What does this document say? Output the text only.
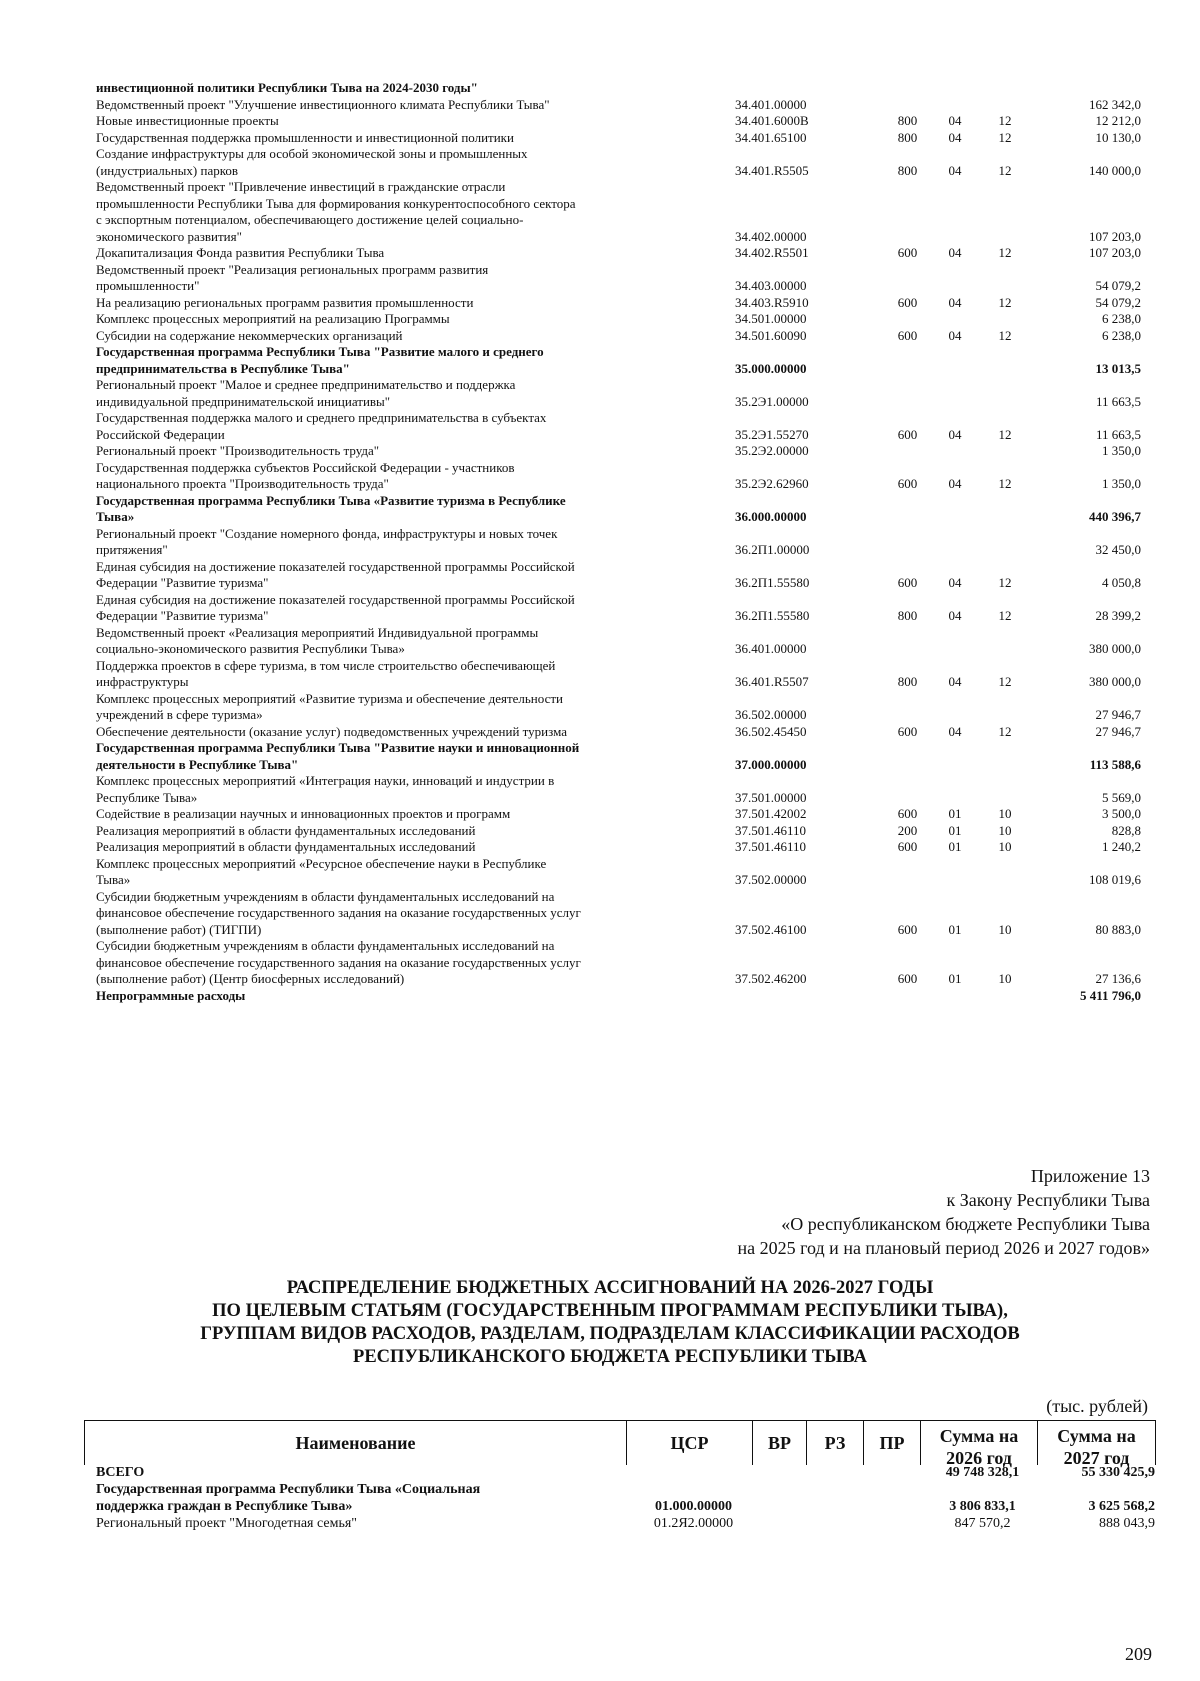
инвестиционной политики Республики Тыва на 2024-2030 годы"
Ведомственный проект "Улучшение инвестиционного климата Республики Тыва"	34.401.00000	162 342,0
Новые инвестиционные проекты	34.401.6000В	800	04	12	12 212,0
Государственная поддержка промышленности и инвестиционной политики	34.401.65100	800	04	12	10 130,0
Создание инфраструктуры для особой экономической зоны и промышленных
(индустриальных) парков	34.401.R5505	800	04	12	140 000,0
Ведомственный проект "Привлечение инвестиций в гражданские отрасли
промышленности Республики Тыва для формирования конкурентоспособного сектора
с экспортным потенциалом, обеспечивающего достижение целей социально-
экономического развития"	34.402.00000	107 203,0
Докапитализация Фонда развития Республики Тыва	34.402.R5501	600	04	12	107 203,0
Ведомственный проект "Реализация региональных программ развития
промышленности"	34.403.00000	54 079,2
На реализацию региональных программ развития промышленности	34.403.R5910	600	04	12	54 079,2
Комплекс процессных мероприятий на реализацию Программы	34.501.00000	6 238,0
Субсидии на содержание некоммерческих организаций	34.501.60090	600	04	12	6 238,0
Государственная программа Республики Тыва "Развитие малого и среднего
предпринимательства в Республике Тыва"	35.000.00000	13 013,5
Региональный проект "Малое и среднее предпринимательство и поддержка
индивидуальной предпринимательской инициативы"	35.2Э1.00000	11 663,5
Государственная поддержка малого и среднего предпринимательства в субъектах
Российской Федерации	35.2Э1.55270	600	04	12	11 663,5
Региональный проект "Производительность труда"	35.2Э2.00000	1 350,0
Государственная поддержка субъектов Российской Федерации - участников
национального проекта "Производительность труда"	35.2Э2.62960	600	04	12	1 350,0
Государственная программа Республики Тыва «Развитие туризма в Республике
Тыва»	36.000.00000	440 396,7
Региональный проект "Создание номерного фонда, инфраструктуры и новых точек
притяжения"	36.2П1.00000	32 450,0
Единая субсидия на достижение показателей государственной программы Российской
Федерации "Развитие туризма"	36.2П1.55580	600	04	12	4 050,8
Единая субсидия на достижение показателей государственной программы Российской
Федерации "Развитие туризма"	36.2П1.55580	800	04	12	28 399,2
Ведомственный проект «Реализация мероприятий Индивидуальной программы
социально-экономического развития Республики Тыва»	36.401.00000	380 000,0
Поддержка проектов в сфере туризма, в том числе строительство обеспечивающей
инфраструктуры	36.401.R5507	800	04	12	380 000,0
Комплекс процессных мероприятий «Развитие туризма и обеспечение деятельности
учреждений в сфере туризма»	36.502.00000	27 946,7
Обеспечение деятельности (оказание услуг) подведомственных учреждений туризма	36.502.45450	600	04	12	27 946,7
Государственная программа Республики Тыва "Развитие науки и инновационной
деятельности в Республике Тыва"	37.000.00000	113 588,6
Комплекс процессных мероприятий «Интеграция науки, инноваций и индустрии в
Республике Тыва»	37.501.00000	5 569,0
Содействие в реализации научных и инновационных проектов и программ	37.501.42002	600	01	10	3 500,0
Реализация мероприятий в области фундаментальных исследований	37.501.46110	200	01	10	828,8
Реализация мероприятий в области фундаментальных исследований	37.501.46110	600	01	10	1 240,2
Комплекс процессных мероприятий «Ресурсное обеспечение науки в Республике
Тыва»	37.502.00000	108 019,6
Субсидии бюджетным учреждениям в области фундаментальных исследований на
финансовое обеспечение государственного задания на оказание государственных услуг
(выполнение работ) (ТИГПИ)	37.502.46100	600	01	10	80 883,0
Субсидии бюджетным учреждениям в области фундаментальных исследований на
финансовое обеспечение государственного задания на оказание государственных услуг
(выполнение работ) (Центр биосферных исследований)	37.502.46200	600	01	10	27 136,6
Непрограммные расходы	5 411 796,0
Приложение 13
к Закону Республики Тыва
«О республиканском бюджете Республики Тыва
на 2025 год и на плановый период 2026 и 2027 годов»
РАСПРЕДЕЛЕНИЕ БЮДЖЕТНЫХ АССИГНОВАНИЙ НА 2026-2027 ГОДЫ
ПО ЦЕЛЕВЫМ СТАТЬЯМ (ГОСУДАРСТВЕННЫМ ПРОГРАММАМ РЕСПУБЛИКИ ТЫВА),
ГРУППАМ ВИДОВ РАСХОДОВ, РАЗДЕЛАМ, ПОДРАЗДЕЛАМ КЛАССИФИКАЦИИ РАСХОДОВ
РЕСПУБЛИКАНСКОГО БЮДЖЕТА РЕСПУБЛИКИ ТЫВА
(тыс. рублей)
Наименование	ЦСР	ВР	РЗ	ПР	Сумма на
2026 год
Сумма на
2027 год
ВСЕГО	49 748 328,1	55 330 425,9
Государственная программа Республики Тыва «Социальная
поддержка граждан в Республике Тыва»	01.000.00000	3 806 833,1	3 625 568,2
Региональный проект "Многодетная семья"	01.2Я2.00000	847 570,2	888 043,9
209
